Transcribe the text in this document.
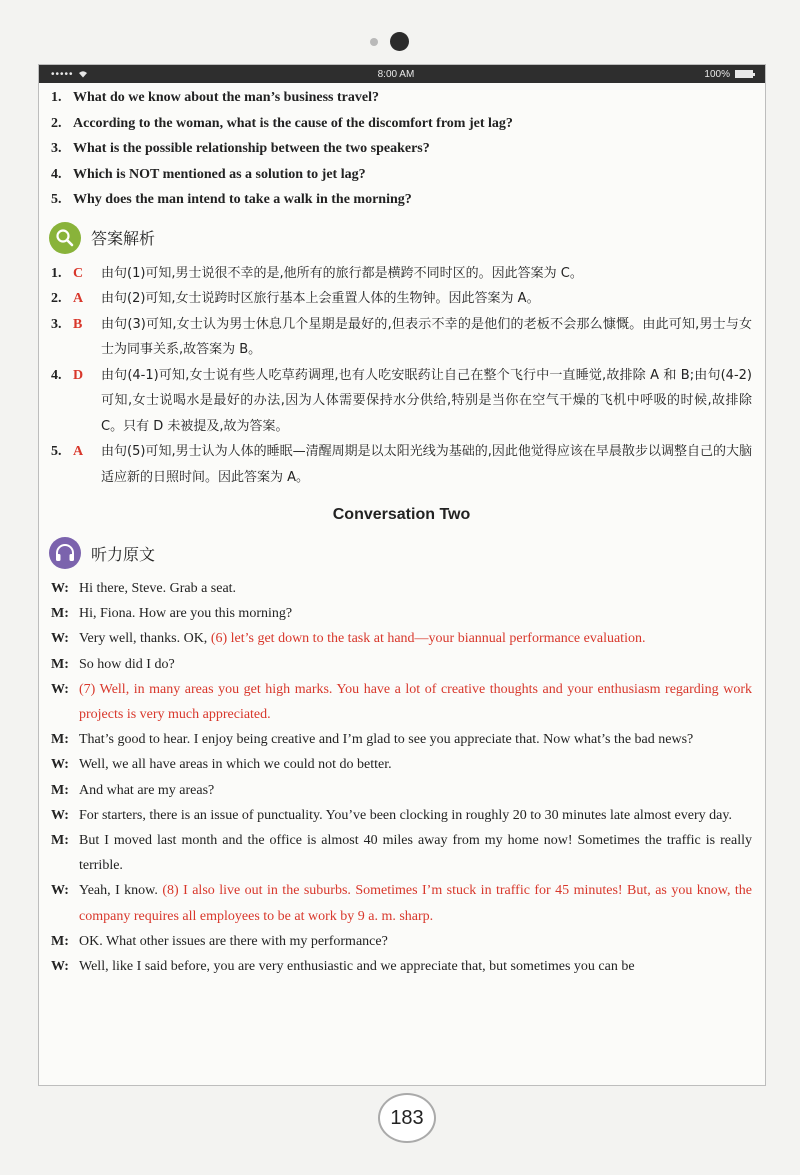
•••••	8:00 AM	100%
1. What do we know about the man’s business travel?
2. According to the woman, what is the cause of the discomfort from jet lag?
3. What is the possible relationship between the two speakers?
4. Which is NOT mentioned as a solution to jet lag?
5. Why does the man intend to take a walk in the morning?
答案解析
1. C	由句(1)可知,男士说很不幸的是,他所有的旅行都是横跨不同时区的。因此答案为 C。
2. A	由句(2)可知,女士说跨时区旅行基本上会重置人体的生物钟。因此答案为 A。
3. B	由句(3)可知,女士认为男士休息几个星期是最好的,但表示不幸的是他们的老板不会那么慷慨。由此可知,男士与女士为同事关系,故答案为 B。
4. D	由句(4-1)可知,女士说有些人吃草药调理,也有人吃安眠药让自己在整个飞行中一直睡觉,故排除 A 和 B;由句(4-2)可知,女士说喝水是最好的办法,因为人体需要保持水分供给,特别是当你在空气干燥的飞机中呼吸的时候,故排除 C。只有 D 未被提及,故为答案。
5. A	由句(5)可知,男士认为人体的睡眠—清醒周期是以太阳光线为基础的,因此他觉得应该在早晨散步以调整自己的大脑适应新的日照时间。因此答案为 A。
Conversation Two
听力原文
W: Hi there, Steve. Grab a seat.
M: Hi, Fiona. How are you this morning?
W: Very well, thanks. OK, (6) let’s get down to the task at hand—your biannual performance evaluation.
M: So how did I do?
W: (7) Well, in many areas you get high marks. You have a lot of creative thoughts and your enthusiasm regarding work projects is very much appreciated.
M: That’s good to hear. I enjoy being creative and I’m glad to see you appreciate that. Now what’s the bad news?
W: Well, we all have areas in which we could not do better.
M: And what are my areas?
W: For starters, there is an issue of punctuality. You’ve been clocking in roughly 20 to 30 minutes late almost every day.
M: But I moved last month and the office is almost 40 miles away from my home now! Sometimes the traffic is really terrible.
W: Yeah, I know. (8) I also live out in the suburbs. Sometimes I’m stuck in traffic for 45 minutes! But, as you know, the company requires all employees to be at work by 9 a. m. sharp.
M: OK. What other issues are there with my performance?
W: Well, like I said before, you are very enthusiastic and we appreciate that, but sometimes you can be
183
